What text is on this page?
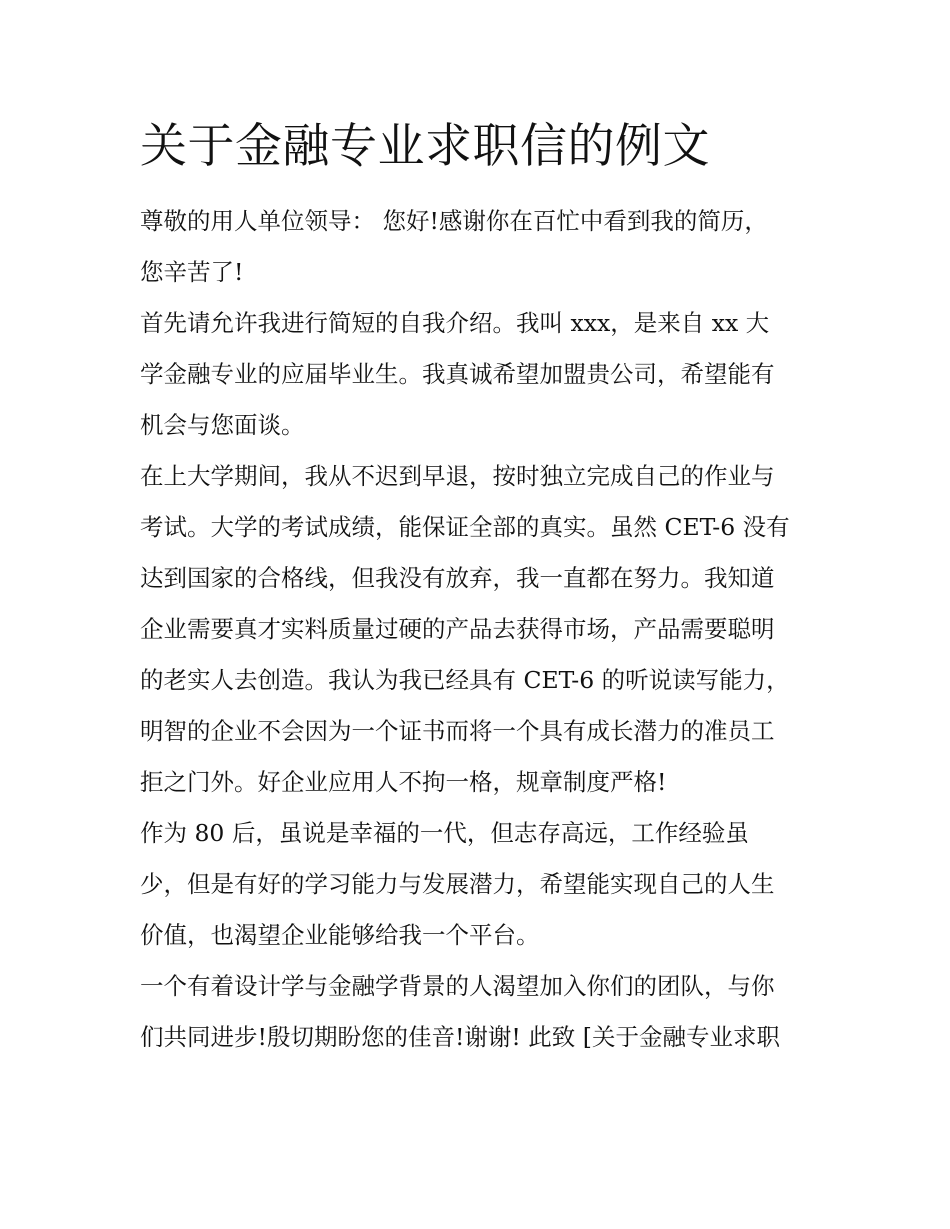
关于金融专业求职信的例文

尊敬的用人单位领导： 您好!感谢你在百忙中看到我的简历，
您辛苦了!

首先请允许我进行简短的自我介绍。我叫 xxx，是来自 xx 大
学金融专业的应届毕业生。我真诚希望加盟贵公司，希望能有
机会与您面谈。

在上大学期间，我从不迟到早退，按时独立完成自己的作业与
考试。大学的考试成绩，能保证全部的真实。虽然 CET-6 没有
达到国家的合格线，但我没有放弃，我一直都在努力。我知道
企业需要真才实料质量过硬的产品去获得市场，产品需要聪明
的老实人去创造。我认为我已经具有 CET-6 的听说读写能力，
明智的企业不会因为一个证书而将一个具有成长潜力的准员工
拒之门外。好企业应用人不拘一格，规章制度严格!

作为 80 后，虽说是幸福的一代，但志存高远，工作经验虽
少，但是有好的学习能力与发展潜力，希望能实现自己的人生
价值，也渴望企业能够给我一个平台。

一个有着设计学与金融学背景的人渴望加入你们的团队，与你
们共同进步!殷切期盼您的佳音!谢谢! 此致 [关于金融专业求职
